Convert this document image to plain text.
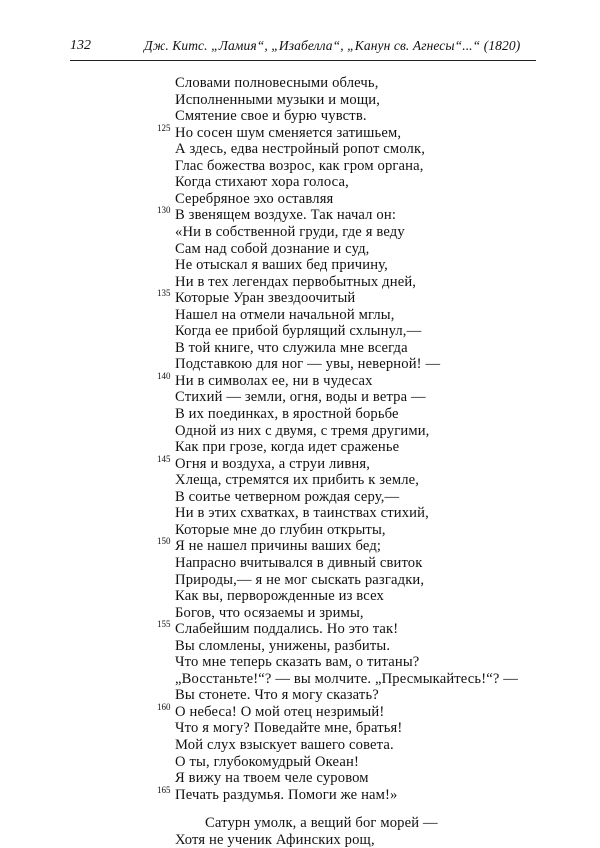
132	Дж. Китс. „Ламия“, „Изабелла“, „Канун св. Агнесы“...“ (1820)
Словами полновесными облечь,
Исполненными музыки и мощи,
Смятение свое и бурю чувств.
Но сосен шум сменяется затишьем,
А здесь, едва нестройный ропот смолк,
Глас божества возрос, как гром органа,
Когда стихают хора голоса,
Серебряное эхо оставляя
В звенящем воздухе. Так начал он:
«Ни в собственной груди, где я веду
Сам над собой дознание и суд,
Не отыскал я ваших бед причину,
Ни в тех легендах первобытных дней,
Которые Уран звездоочитый
Нашел на отмели начальной мглы,
Когда ее прибой бурлящий схлынул,—
В той книге, что служила мне всегда
Подставкою для ног — увы, неверной! —
Ни в символах ее, ни в чудесах
Стихий — земли, огня, воды и ветра —
В их поединках, в яростной борьбе
Одной из них с двумя, с тремя другими,
Как при грозе, когда идет сраженье
Огня и воздуха, а струи ливня,
Хлеща, стремятся их прибить к земле,
В соитье четверном рождая серу,—
Ни в этих схватках, в таинствах стихий,
Которые мне до глубин открыты,
Я не нашел причины ваших бед;
Напрасно вчитывался в дивный свиток
Природы,— я не мог сыскать разгадки,
Как вы, перворожденные из всех
Богов, что осязаемы и зримы,
Слабейшим поддались. Но это так!
Вы сломлены, унижены, разбиты.
Что мне теперь сказать вам, о титаны?
„Восстаньте!“? — вы молчите. „Пресмыкайтесь!“? —
Вы стонете. Что я могу сказать?
О небеса! О мой отец незримый!
Что я могу? Поведайте мне, братья!
Мой слух взыскует вашего совета.
О ты, глубокомудрый Океан!
Я вижу на твоем челе суровом
Печать раздумья. Помоги же нам!»
125
130
135
140
145
150
155
160
165
Сатурн умолк, а вещий бог морей —
Хотя не ученик Афинских рощ,
